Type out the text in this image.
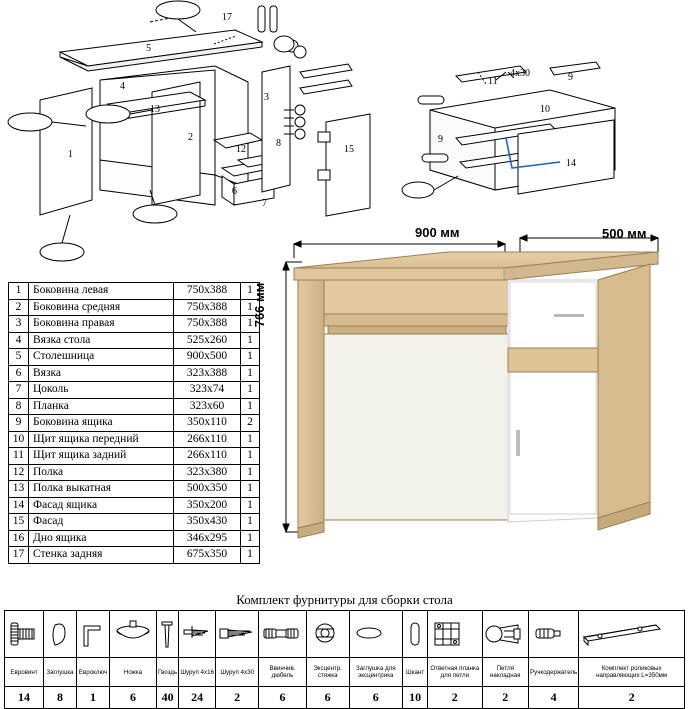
17
5
4
13
2
1
3
12
6
7
8
15
11
4х30	9
9
10
14
1	Боковина левая	750х388	1
2	Боковина средняя	750х388	1
3	Боковина правая	750х388	1
4	Вязка стола	525х260	1
5	Столешница	900х500	1
6	Вязка	323х388	1
7	Цоколь	323х74	1
8	Планка	323х60	1
9	Боковина ящика	350х110	2
10	Щит ящика передний	266х110	1
11	Щит ящика задний	266х110	1
12	Полка	323х380	1
13	Полка выкатная	500х350	1
14	Фасад ящика	350х200	1
15	Фасад	350х430	1
16	Дно ящика	346х295	1
17	Стенка задняя	675х350	1
900 мм	500 мм
766 мм
Комплект фурнитуры для сборки стола

Евровинт	Заглушка	Евроключ	Ножка	Гвоздь	Шуруп 4х16	Шуруп 4х30	Ввинчив. дюбель	Эксцентр. стяжка	Заглушка для эксцентрика	Шкант	Ответная планка для петли	Петля накладная	Ручкодержатель	Комплект роликовых направляющих L=350мм
14	8	1	6	40	24	2	6	6	6	10	2	2	4	2
